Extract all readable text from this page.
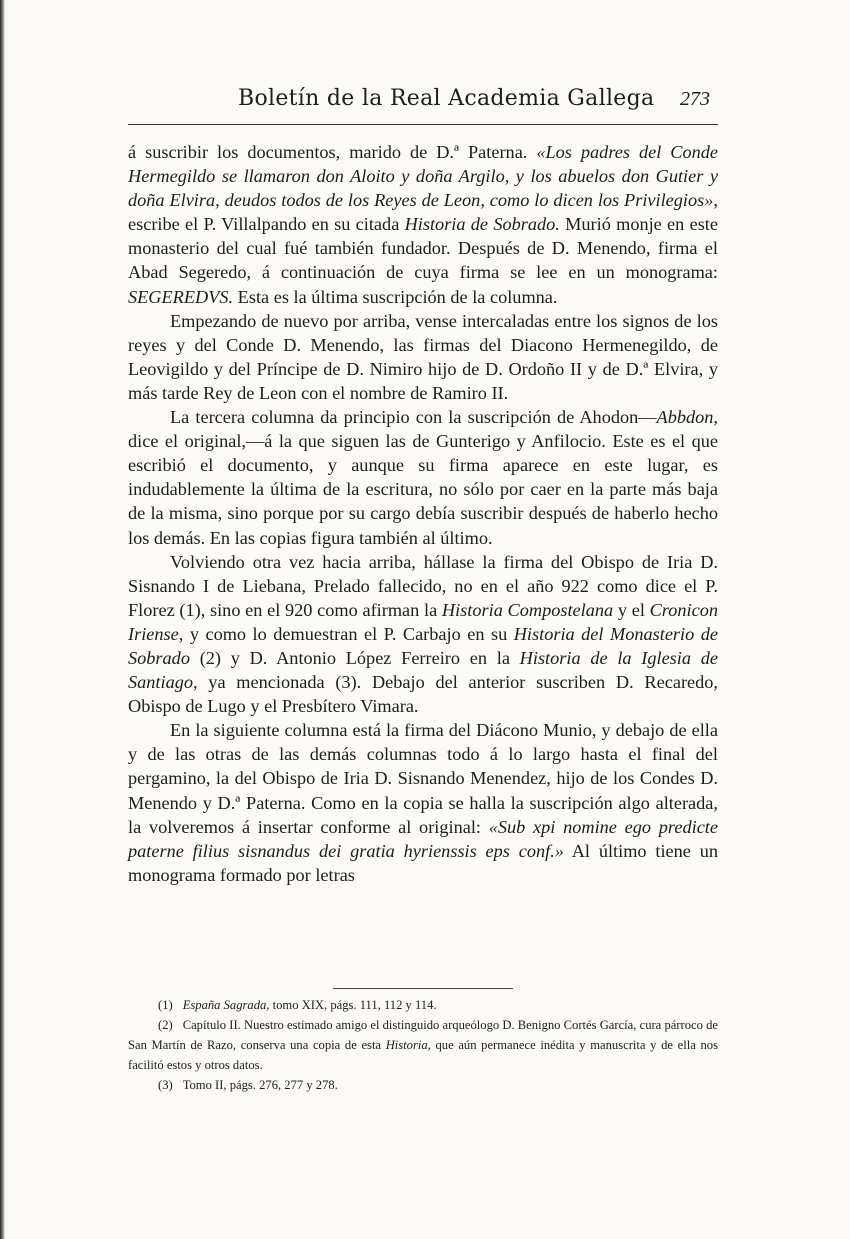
Boletín de la Real Academia Gallega 273

á suscribir los documentos, marido de D.ª Paterna. «Los padres del Conde Hermegildo se llamaron don Aloito y doña Argilo, y los abuelos don Gutier y doña Elvira, deudos todos de los Reyes de Leon, como lo dicen los Privilegios», escribe el P. Villalpando en su citada Historia de Sobrado. Murió monje en este monasterio del cual fué también fundador. Después de D. Menendo, firma el Abad Segeredo, á continuación de cuya firma se lee en un monograma: SEGEREDVS. Esta es la última suscripción de la columna.

Empezando de nuevo por arriba, vense intercaladas entre los signos de los reyes y del Conde D. Menendo, las firmas del Diacono Hermenegildo, de Leovigildo y del Príncipe de D. Nimiro hijo de D. Ordoño II y de D.ª Elvira, y más tarde Rey de Leon con el nombre de Ramiro II.

La tercera columna da principio con la suscripción de Ahodon—Abbdon, dice el original,—á la que siguen las de Gunterigo y Anfilocio. Este es el que escribió el documento, y aunque su firma aparece en este lugar, es indudablemente la última de la escritura, no sólo por caer en la parte más baja de la misma, sino porque por su cargo debía suscribir después de haberlo hecho los demás. En las copias figura también al último.

Volviendo otra vez hacia arriba, hállase la firma del Obispo de Iria D. Sisnando I de Liebana, Prelado fallecido, no en el año 922 como dice el P. Florez (1), sino en el 920 como afirman la Historia Compostelana y el Cronicon Iriense, y como lo demuestran el P. Carbajo en su Historia del Monasterio de Sobrado (2) y D. Antonio López Ferreiro en la Historia de la Iglesia de Santiago, ya mencionada (3). Debajo del anterior suscriben D. Recaredo, Obispo de Lugo y el Presbítero Vimara.

En la siguiente columna está la firma del Diácono Munio, y debajo de ella y de las otras de las demás columnas todo á lo largo hasta el final del pergamino, la del Obispo de Iria D. Sisnando Menendez, hijo de los Condes D. Menendo y D.ª Paterna. Como en la copia se halla la suscripción algo alterada, la volveremos á insertar conforme al original: «Sub xpi nomine ego predicte paterne filius sisnandus dei gratia hyrienssis eps conf.» Al último tiene un monograma formado por letras

(1) España Sagrada, tomo XIX, págs. 111, 112 y 114.

(2) Capítulo II. Nuestro estimado amigo el distinguido arqueólogo D. Benigno Cortés García, cura párroco de San Martín de Razo, conserva una copia de esta Historia, que aún permanece inédita y manuscrita y de ella nos facilitó estos y otros datos.

(3) Tomo II, págs. 276, 277 y 278.
